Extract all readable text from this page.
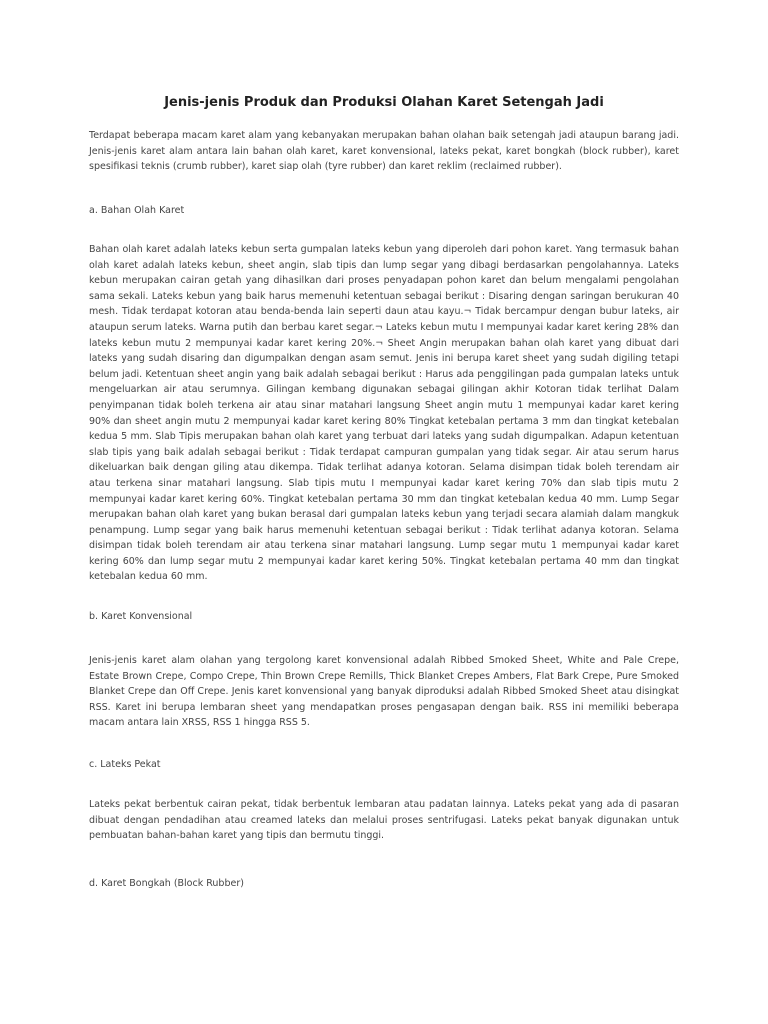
Jenis-jenis Produk dan Produksi Olahan Karet Setengah Jadi
Terdapat beberapa macam karet alam yang kebanyakan merupakan bahan olahan baik setengah jadi ataupun barang jadi. Jenis-jenis karet alam antara lain bahan olah karet, karet konvensional, lateks pekat, karet bongkah (block rubber), karet spesifikasi teknis (crumb rubber), karet siap olah (tyre rubber) dan karet reklim (reclaimed rubber).
a. Bahan Olah Karet
Bahan olah karet adalah lateks kebun serta gumpalan lateks kebun yang diperoleh dari pohon karet. Yang termasuk bahan olah karet adalah lateks kebun, sheet angin, slab tipis dan lump segar yang dibagi berdasarkan pengolahannya. Lateks kebun merupakan cairan getah yang dihasilkan dari proses penyadapan pohon karet dan belum mengalami pengolahan sama sekali. Lateks kebun yang baik harus memenuhi ketentuan sebagai berikut : Disaring dengan saringan berukuran 40 mesh. Tidak terdapat kotoran atau benda-benda lain seperti daun atau kayu.¬ Tidak bercampur dengan bubur lateks, air ataupun serum lateks. Warna putih dan berbau karet segar.¬ Lateks kebun mutu I mempunyai kadar karet kering 28% dan lateks kebun mutu 2 mempunyai kadar karet kering 20%.¬ Sheet Angin merupakan bahan olah karet yang dibuat dari lateks yang sudah disaring dan digumpalkan dengan asam semut. Jenis ini berupa karet sheet yang sudah digiling tetapi belum jadi. Ketentuan sheet angin yang baik adalah sebagai berikut : Harus ada penggilingan pada gumpalan lateks untuk mengeluarkan air atau serumnya. Gilingan kembang digunakan sebagai gilingan akhir Kotoran tidak terlihat Dalam penyimpanan tidak boleh terkena air atau sinar matahari langsung Sheet angin mutu 1 mempunyai kadar karet kering 90% dan sheet angin mutu 2 mempunyai kadar karet kering 80% Tingkat ketebalan pertama 3 mm dan tingkat ketebalan kedua 5 mm. Slab Tipis merupakan bahan olah karet yang terbuat dari lateks yang sudah digumpalkan. Adapun ketentuan slab tipis yang baik adalah sebagai berikut : Tidak terdapat campuran gumpalan yang tidak segar. Air atau serum harus dikeluarkan baik dengan giling atau dikempa. Tidak terlihat adanya kotoran. Selama disimpan tidak boleh terendam air atau terkena sinar matahari langsung. Slab tipis mutu I mempunyai kadar karet kering 70% dan slab tipis mutu 2 mempunyai kadar karet kering 60%. Tingkat ketebalan pertama 30 mm dan tingkat ketebalan kedua 40 mm. Lump Segar merupakan bahan olah karet yang bukan berasal dari gumpalan lateks kebun yang terjadi secara alamiah dalam mangkuk penampung. Lump segar yang baik harus memenuhi ketentuan sebagai berikut : Tidak terlihat adanya kotoran. Selama disimpan tidak boleh terendam air atau terkena sinar matahari langsung. Lump segar mutu 1 mempunyai kadar karet kering 60% dan lump segar mutu 2 mempunyai kadar karet kering 50%. Tingkat ketebalan pertama 40 mm dan tingkat ketebalan kedua 60 mm.
b. Karet Konvensional
Jenis-jenis karet alam olahan yang tergolong karet konvensional adalah Ribbed Smoked Sheet, White and Pale Crepe, Estate Brown Crepe, Compo Crepe, Thin Brown Crepe Remills, Thick Blanket Crepes Ambers, Flat Bark Crepe, Pure Smoked Blanket Crepe dan Off Crepe. Jenis karet konvensional yang banyak diproduksi adalah Ribbed Smoked Sheet atau disingkat RSS. Karet ini berupa lembaran sheet yang mendapatkan proses pengasapan dengan baik. RSS ini memiliki beberapa macam antara lain XRSS, RSS 1 hingga RSS 5.
c. Lateks Pekat
Lateks pekat berbentuk cairan pekat, tidak berbentuk lembaran atau padatan lainnya. Lateks pekat yang ada di pasaran dibuat dengan pendadihan atau creamed lateks dan melalui proses sentrifugasi. Lateks pekat banyak digunakan untuk pembuatan bahan-bahan karet yang tipis dan bermutu tinggi.
d. Karet Bongkah (Block Rubber)
